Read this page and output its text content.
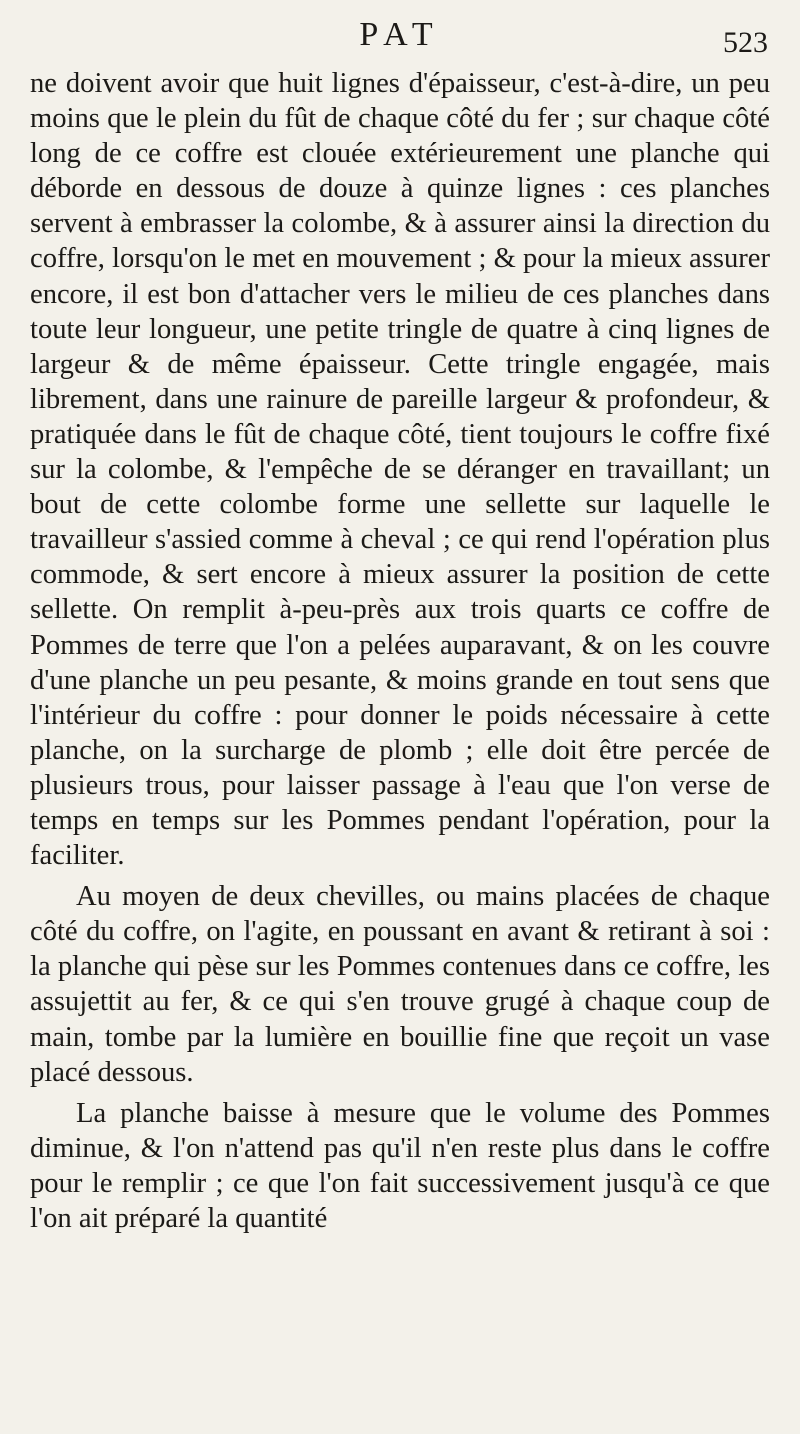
PAT	523

ne doivent avoir que huit lignes d'épaisseur, c'est-à-dire, un peu moins que le plein du fût de chaque côté du fer ; sur chaque côté long de ce coffre est clouée extérieurement une planche qui déborde en dessous de douze à quinze lignes : ces planches servent à embrasser la colombe, & à assurer ainsi la direction du coffre, lorsqu'on le met en mouvement ; & pour la mieux assurer encore, il est bon d'attacher vers le milieu de ces planches dans toute leur longueur, une petite tringle de quatre à cinq lignes de largeur & de même épaisseur. Cette tringle engagée, mais librement, dans une rainure de pareille largeur & profondeur, & pratiquée dans le fût de chaque côté, tient toujours le coffre fixé sur la colombe, & l'empêche de se déranger en travaillant; un bout de cette colombe forme une sellette sur laquelle le travailleur s'assied comme à cheval ; ce qui rend l'opération plus commode, & sert encore à mieux assurer la position de cette sellette. On remplit à-peu-près aux trois quarts ce coffre de Pommes de terre que l'on a pelées auparavant, & on les couvre d'une planche un peu pesante, & moins grande en tout sens que l'intérieur du coffre : pour donner le poids nécessaire à cette planche, on la surcharge de plomb ; elle doit être percée de plusieurs trous, pour laisser passage à l'eau que l'on verse de temps en temps sur les Pommes pendant l'opération, pour la faciliter.

Au moyen de deux chevilles, ou mains placées de chaque côté du coffre, on l'agite, en poussant en avant & retirant à soi : la planche qui pèse sur les Pommes contenues dans ce coffre, les assujettit au fer, & ce qui s'en trouve grugé à chaque coup de main, tombe par la lumière en bouillie fine que reçoit un vase placé dessous.

La planche baisse à mesure que le volume des Pommes diminue, & l'on n'attend pas qu'il n'en reste plus dans le coffre pour le remplir ; ce que l'on fait successivement jusqu'à ce que l'on ait préparé la quantité
